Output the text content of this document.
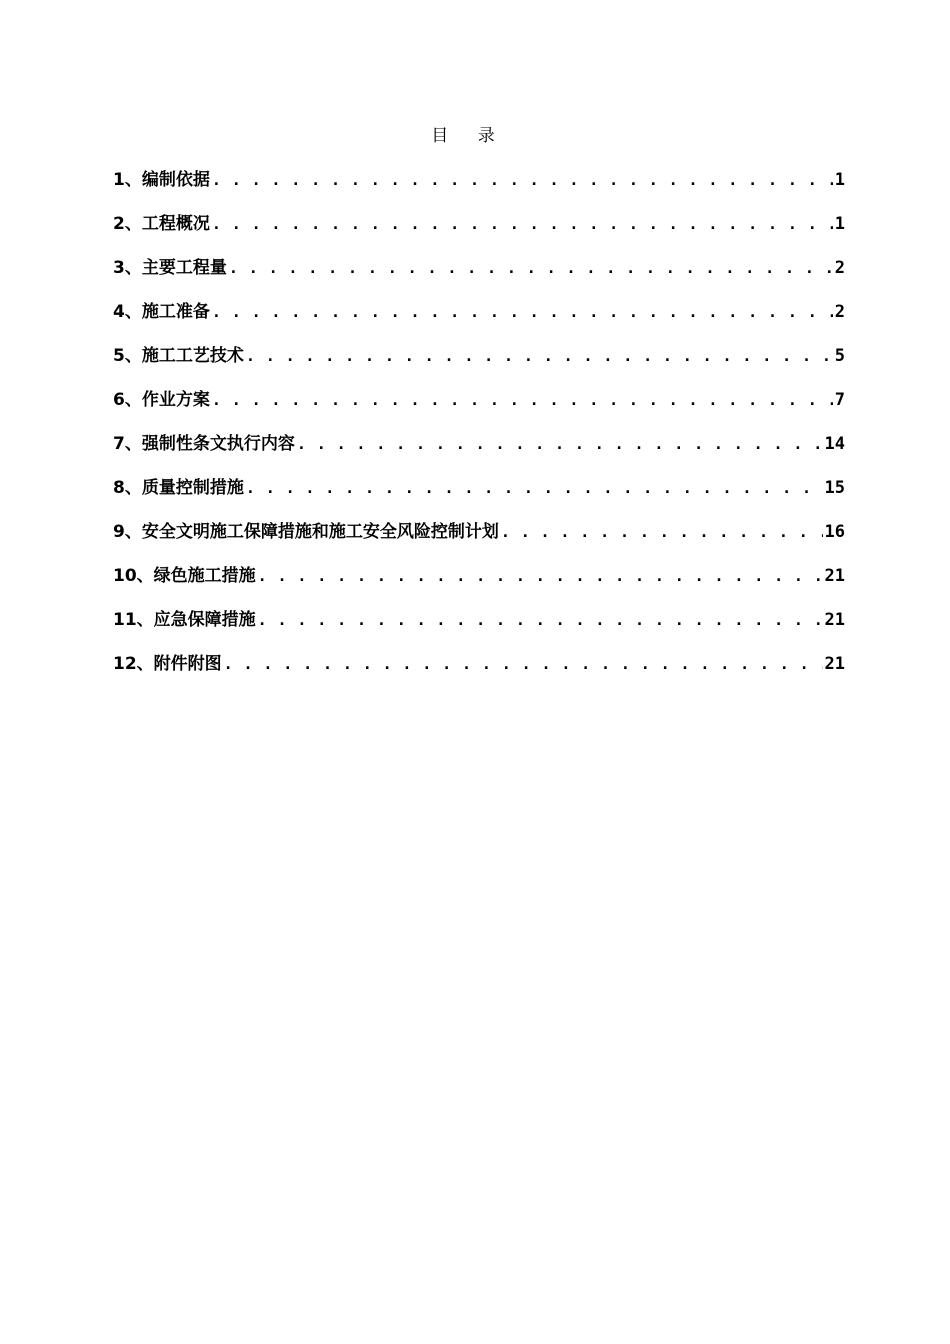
目 录
1、编制依据 . . .	1
2、工程概况 . . .	1
3、主要工程量 . . .	2
4、施工准备 . . .	2
5、施工工艺技术 . . .	5
6、作业方案 . . .	7
7、强制性条文执行内容 . . .	14
8、质量控制措施 . . .	15
9、安全文明施工保障措施和施工安全风险控制计划 . . .	16
10、绿色施工措施 . . .	21
11、应急保障措施 . . .	21
12、附件附图 . . .	21
